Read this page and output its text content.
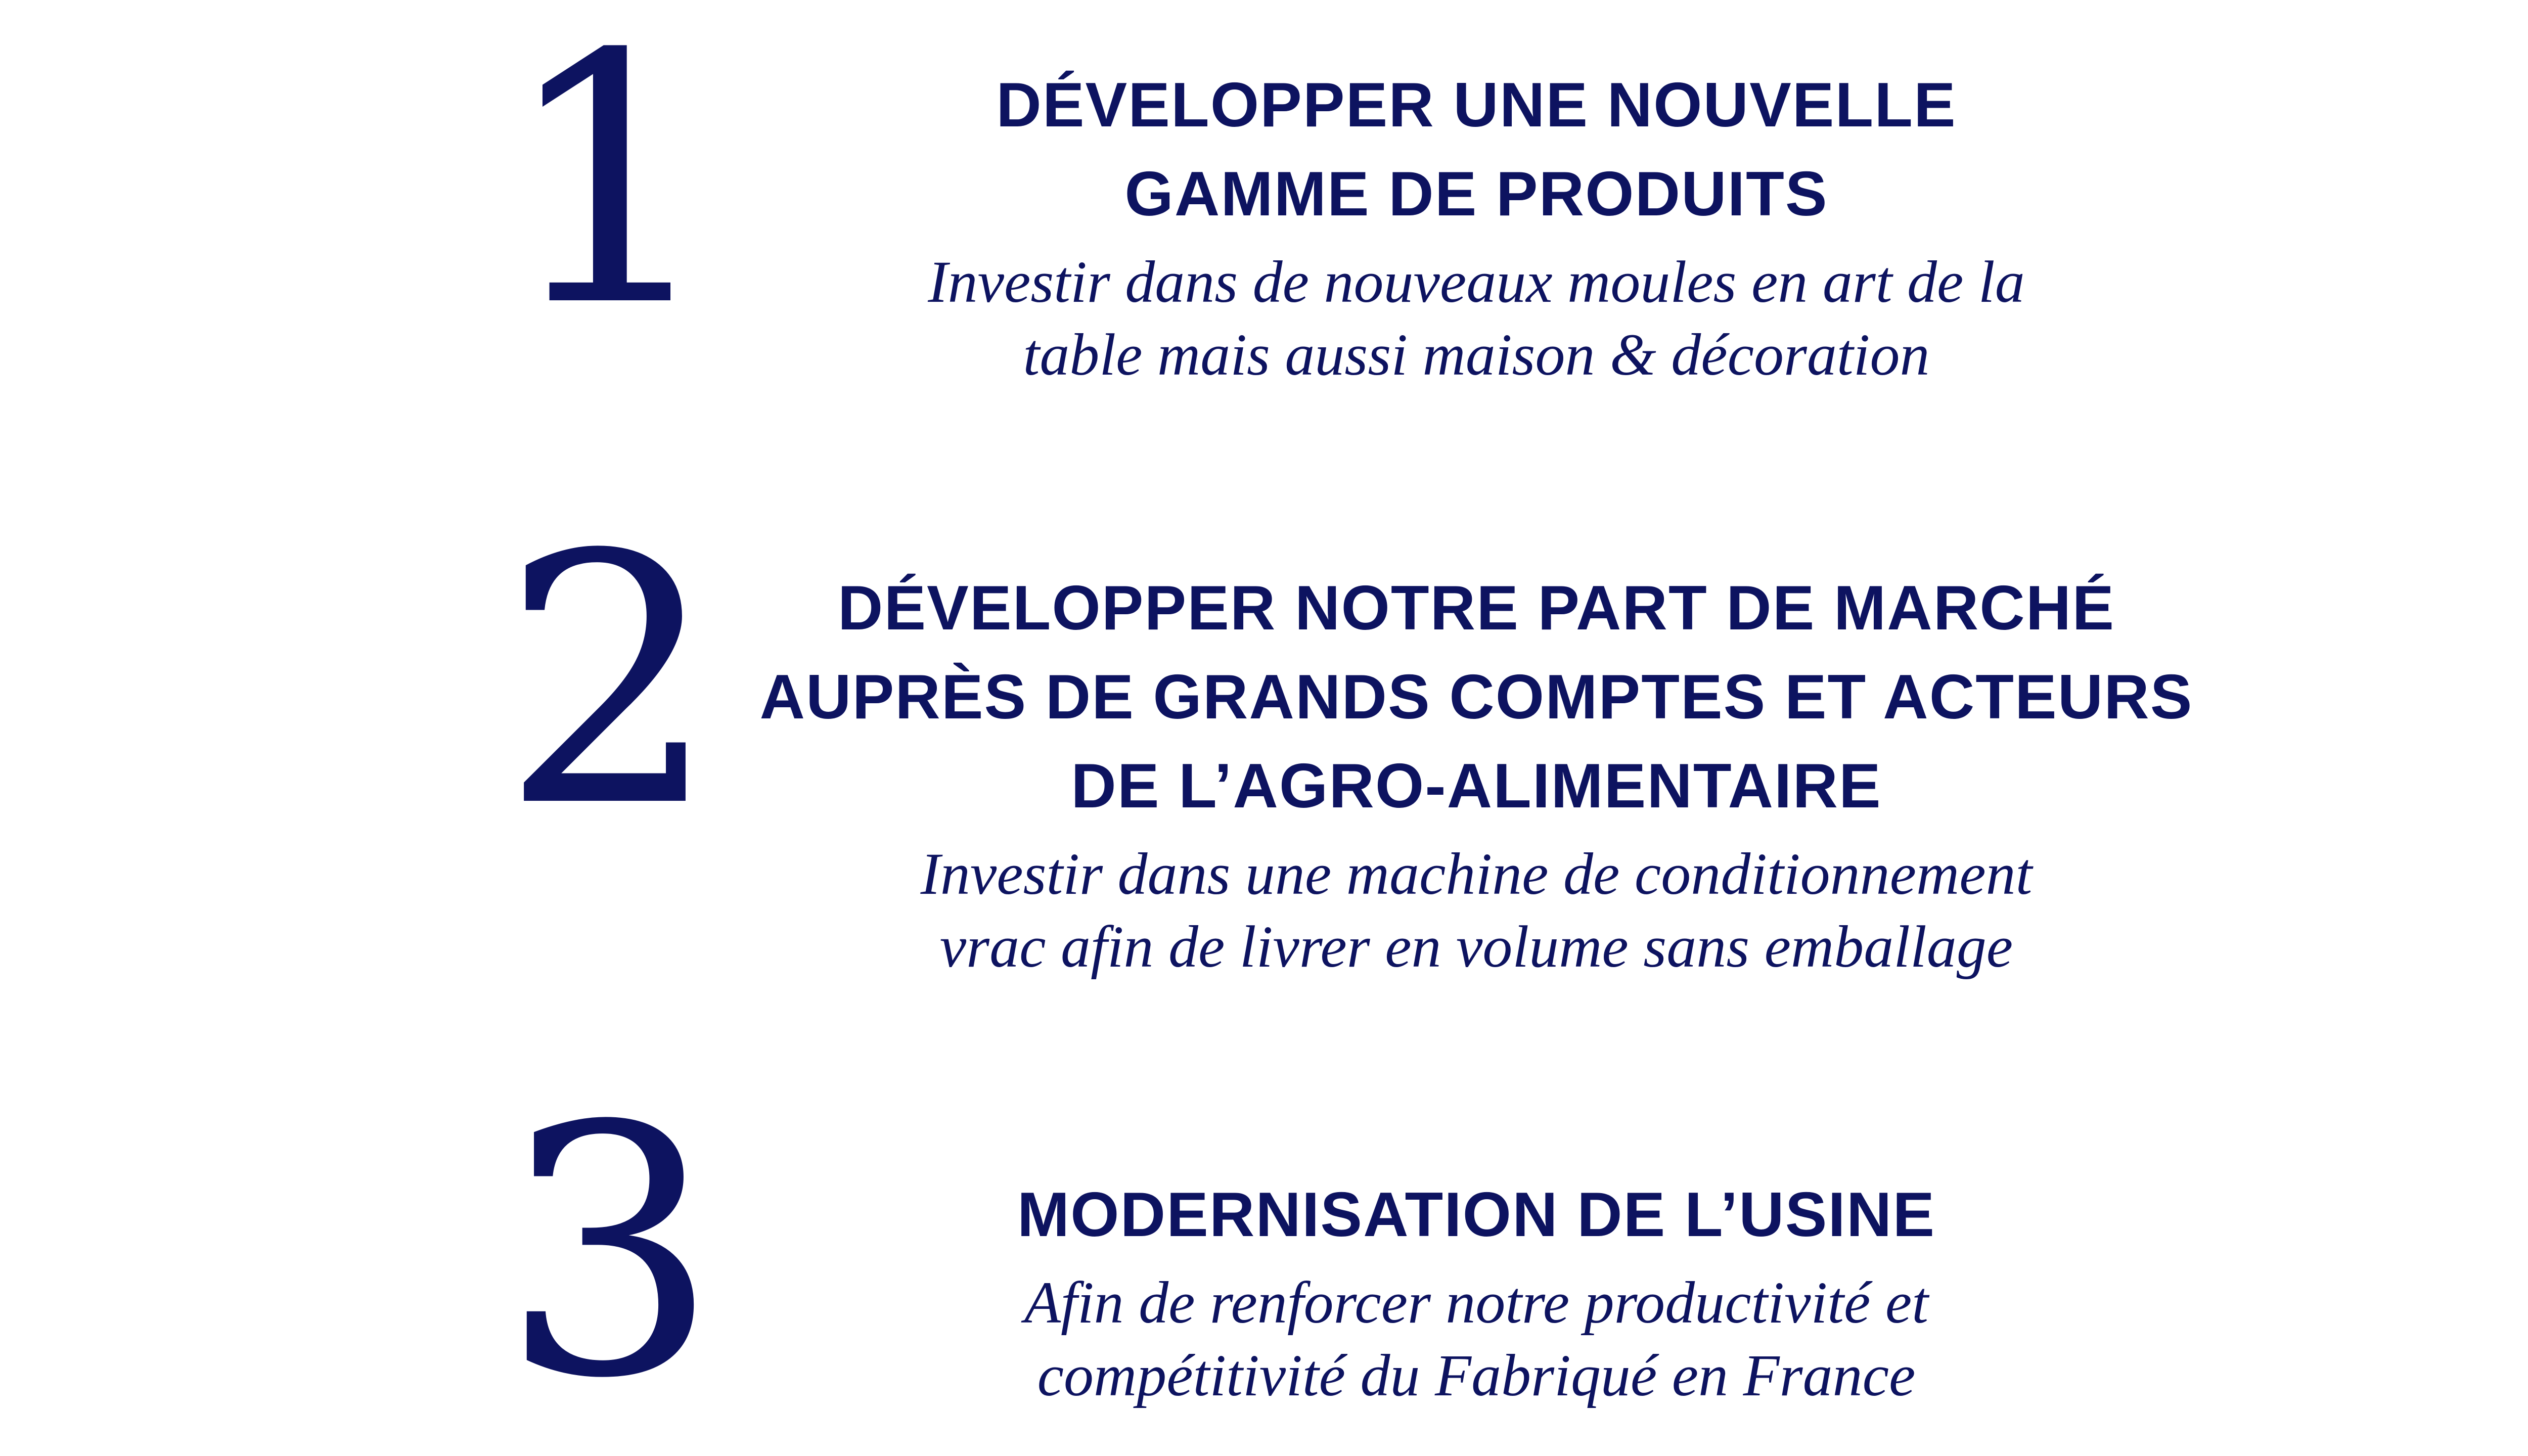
1	DÉVELOPPER UNE NOUVELLE
GAMME DE PRODUITS

Investir dans de nouveaux moules en art de la
table mais aussi maison & décoration

2	DÉVELOPPER NOTRE PART DE MARCHÉ
AUPRÈS DE GRANDS COMPTES ET ACTEURS
DE L’AGRO-ALIMENTAIRE

Investir dans une machine de conditionnement
vrac afin de livrer en volume sans emballage

3	MODERNISATION DE L’USINE

Afin de renforcer notre productivité et
compétitivité du Fabriqué en France
